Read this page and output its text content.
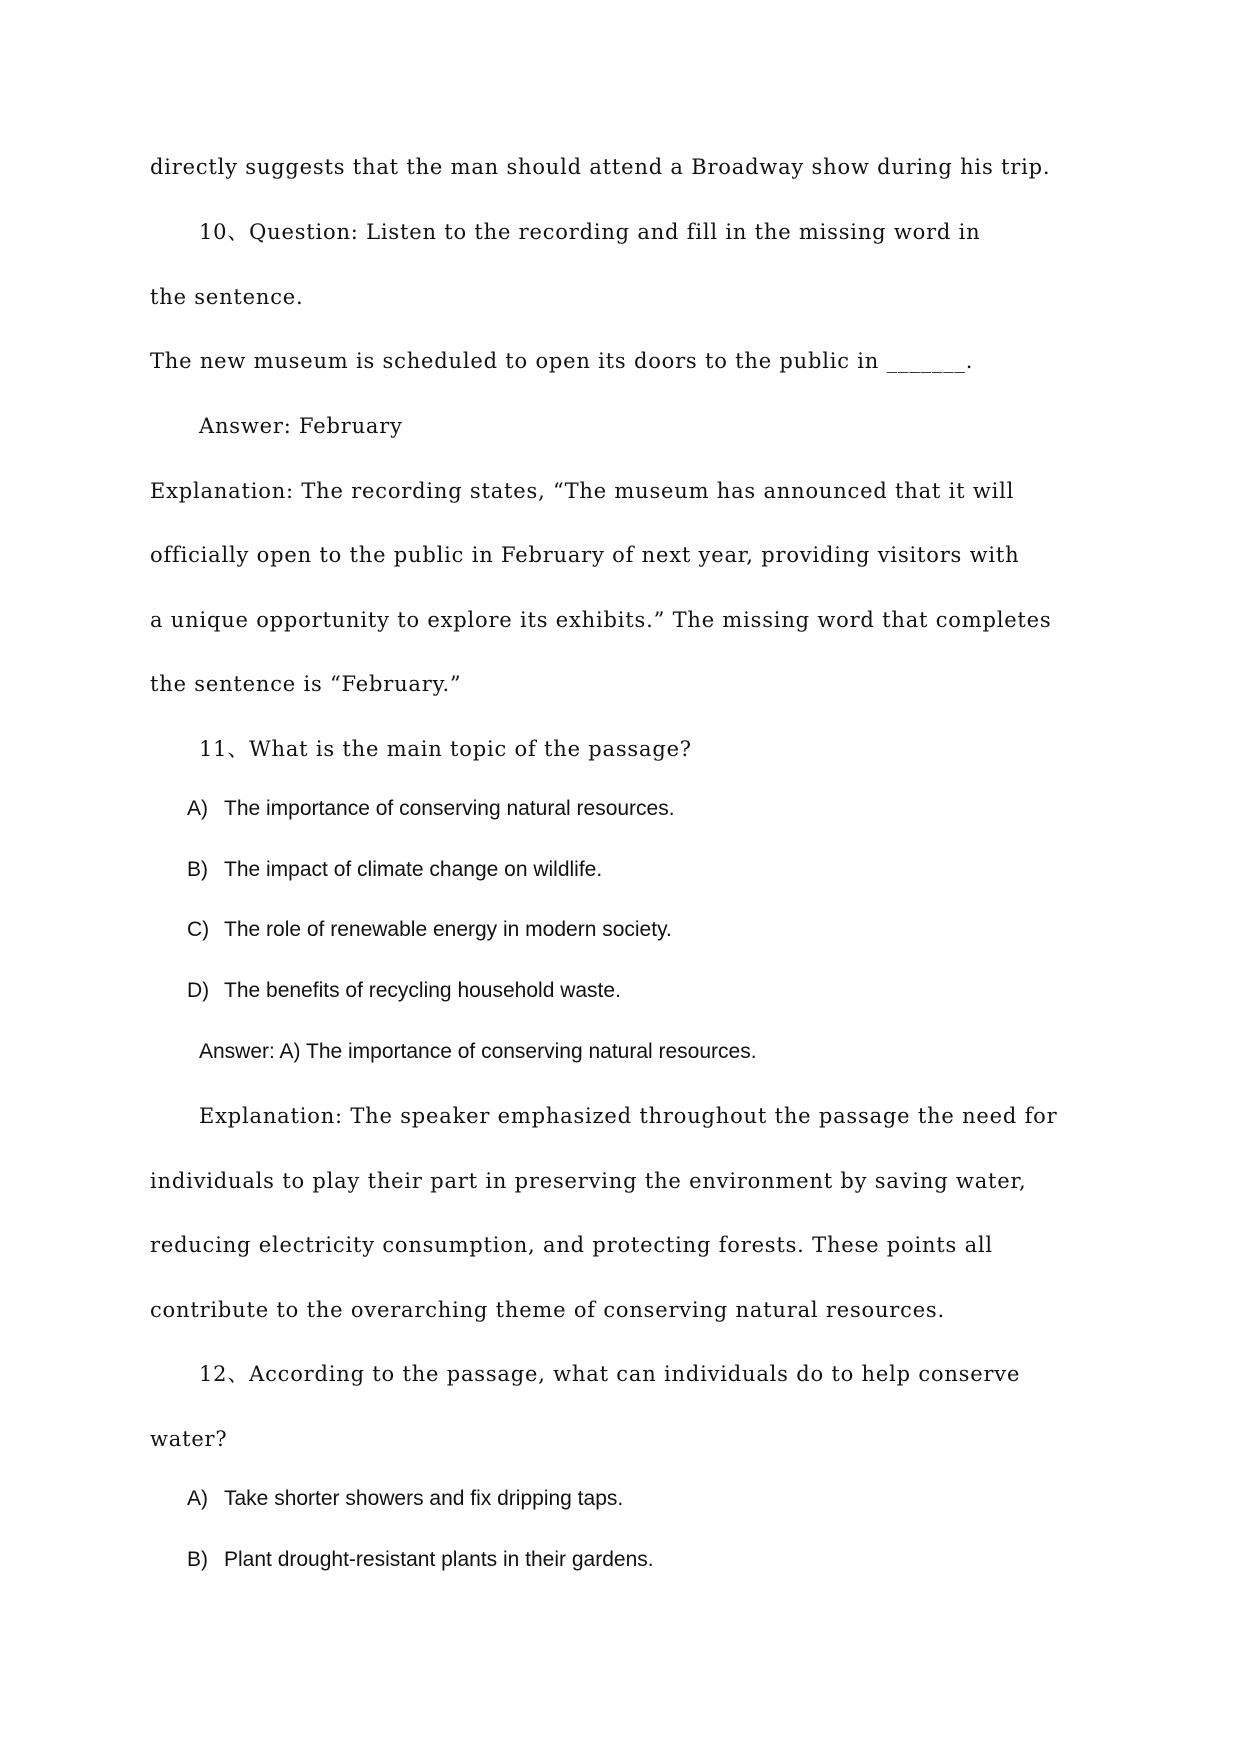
directly suggests that the man should attend a Broadway show during his trip.
10、Question: Listen to the recording and fill in the missing word in
the sentence.
The new museum is scheduled to open its doors to the public in _______.
Answer: February
Explanation: The recording states, “The museum has announced that it will
officially open to the public in February of next year, providing visitors with
a unique opportunity to explore its exhibits.” The missing word that completes
the sentence is “February.”
11、What is the main topic of the passage?
A) The importance of conserving natural resources.
B) The impact of climate change on wildlife.
C) The role of renewable energy in modern society.
D) The benefits of recycling household waste.
Answer: A) The importance of conserving natural resources.
Explanation: The speaker emphasized throughout the passage the need for
individuals to play their part in preserving the environment by saving water,
reducing electricity consumption, and protecting forests. These points all
contribute to the overarching theme of conserving natural resources.
12、According to the passage, what can individuals do to help conserve
water?
A) Take shorter showers and fix dripping taps.
B) Plant drought-resistant plants in their gardens.
